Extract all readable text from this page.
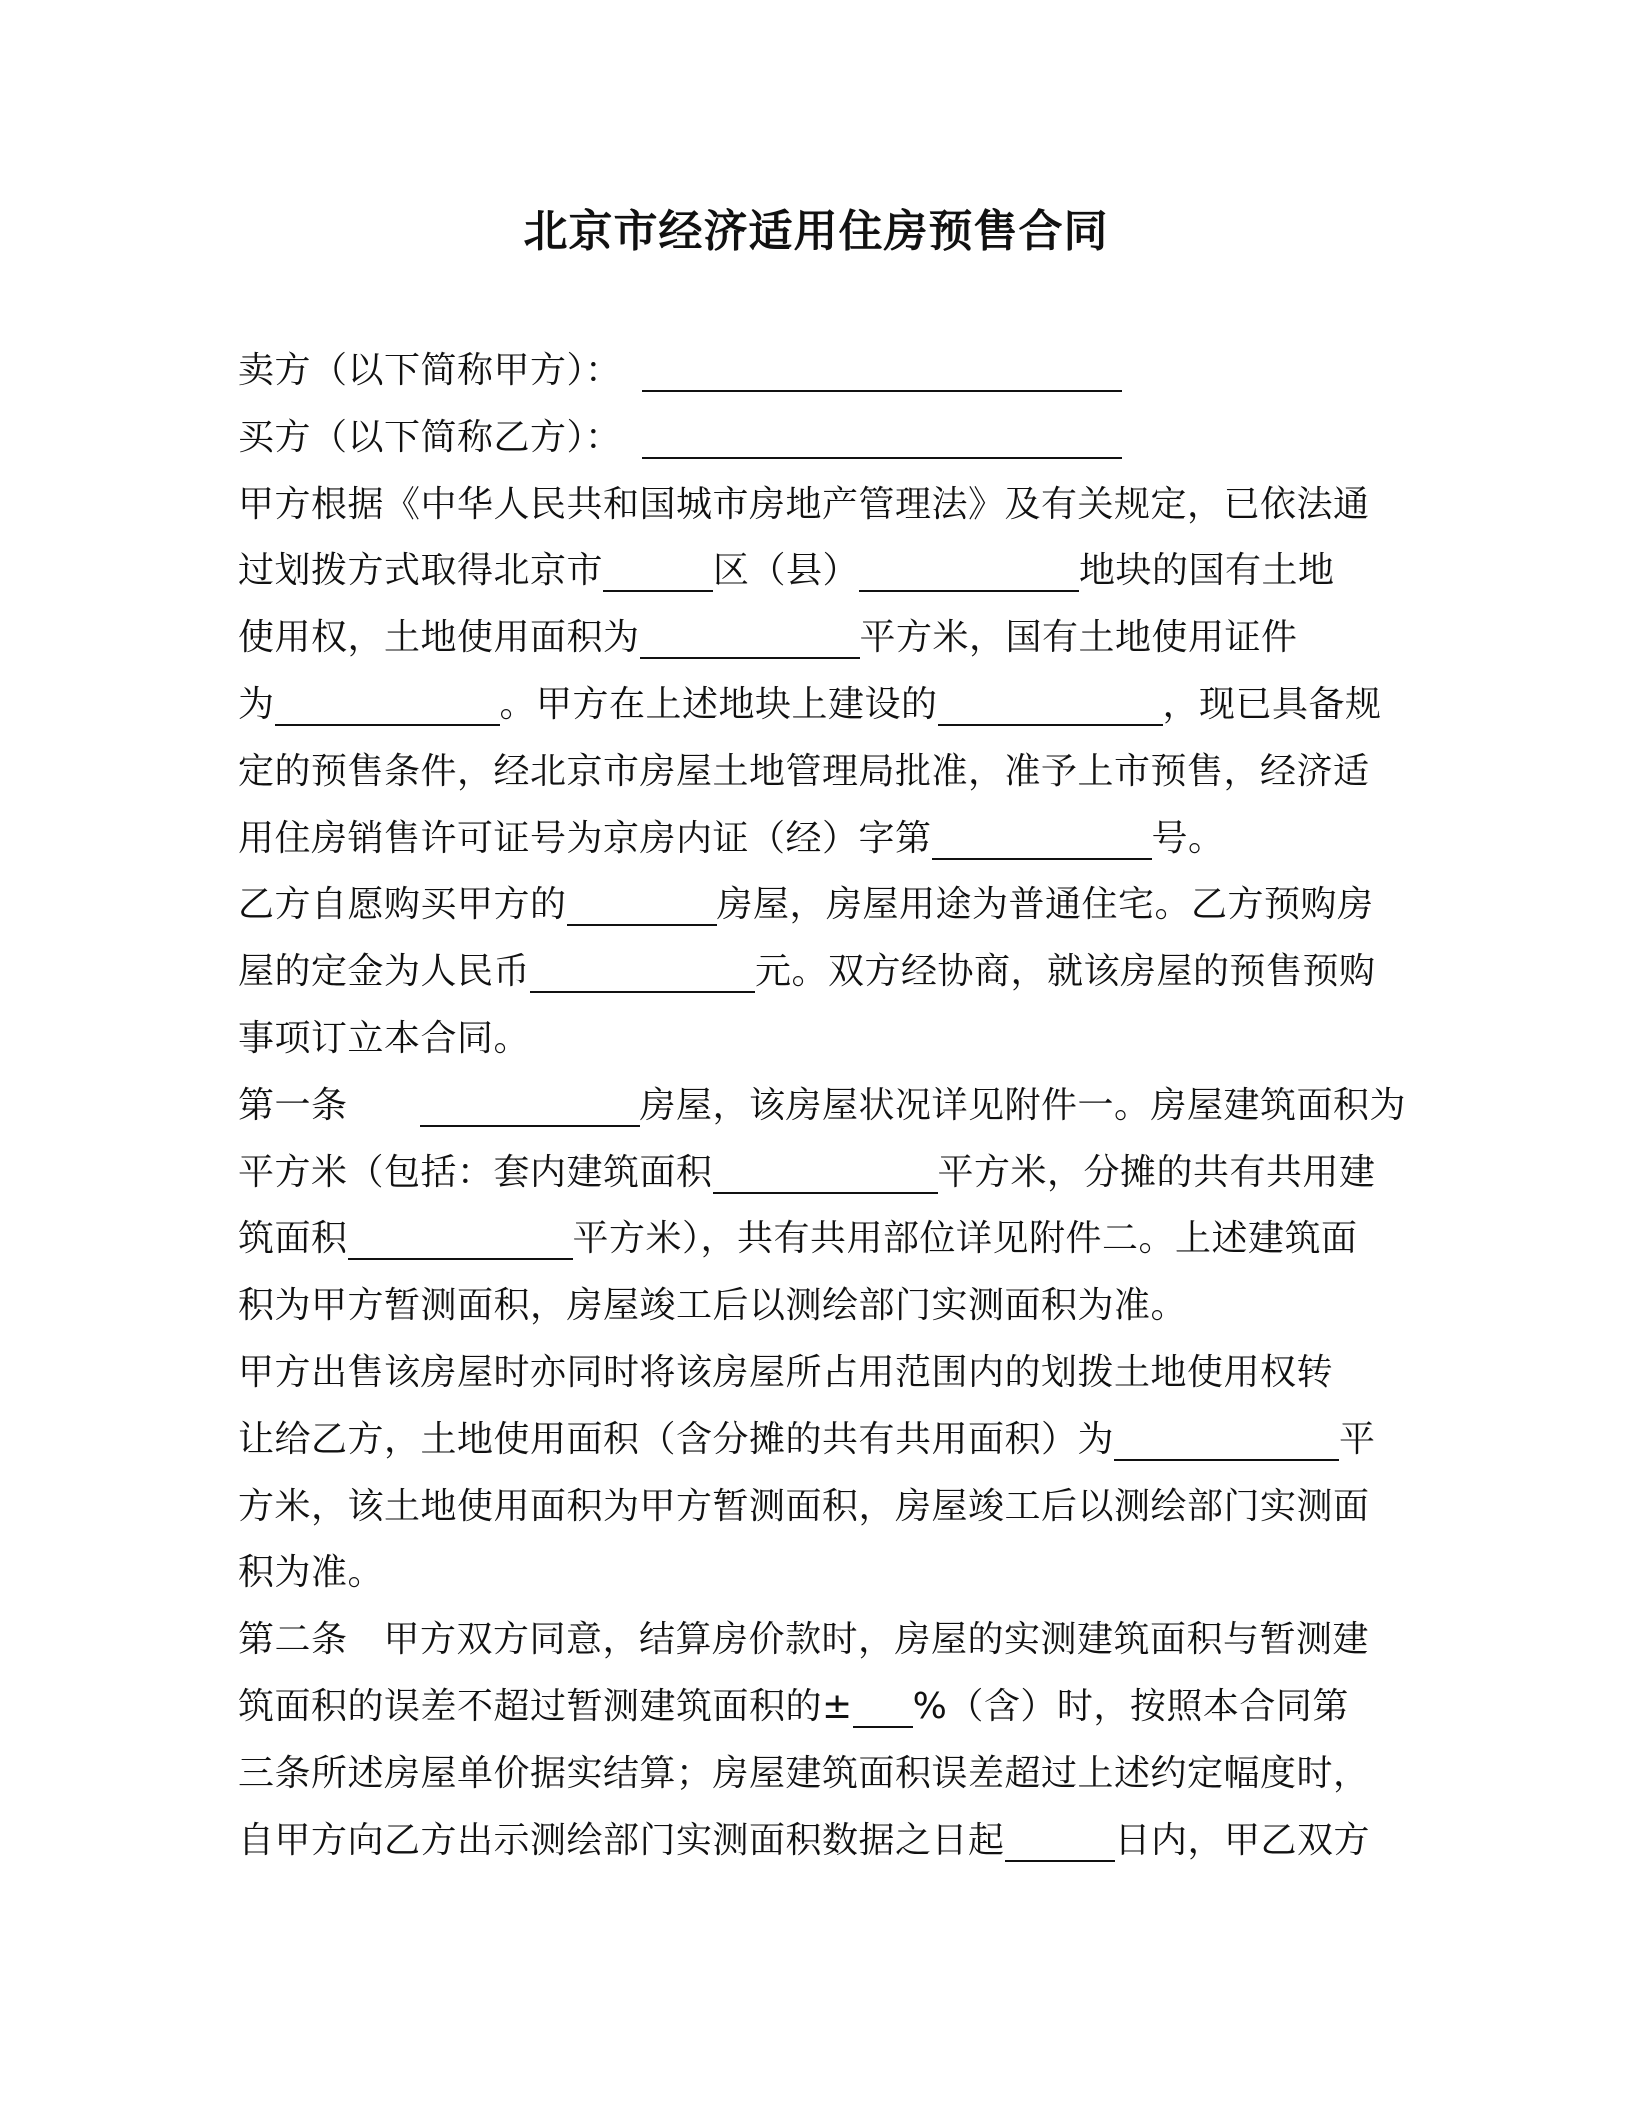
北京市经济适用住房预售合同
卖方（以下简称甲方）：
买方（以下简称乙方）：
甲方根据《中华人民共和国城市房地产管理法》及有关规定，已依法通
过划拨方式取得北京市	区（县）	地块的国有土地
使用权，土地使用面积为	平方米，国有土地使用证件
为	。甲方在上述地块上建设的	，现已具备规
定的预售条件，经北京市房屋土地管理局批准，准予上市预售，经济适
用住房销售许可证号为京房内证（经）字第	号。
乙方自愿购买甲方的	房屋，房屋用途为普通住宅。乙方预购房
屋的定金为人民币	元。双方经协商，就该房屋的预售预购
事项订立本合同。
第一条	房屋，该房屋状况详见附件一。房屋建筑面积为
平方米（包括：套内建筑面积	平方米，分摊的共有共用建
筑面积	平方米），共有共用部位详见附件二。上述建筑面
积为甲方暂测面积，房屋竣工后以测绘部门实测面积为准。
甲方出售该房屋时亦同时将该房屋所占用范围内的划拨土地使用权转
让给乙方，土地使用面积（含分摊的共有共用面积）为	平
方米，该土地使用面积为甲方暂测面积，房屋竣工后以测绘部门实测面
积为准。
第二条 甲方双方同意，结算房价款时，房屋的实测建筑面积与暂测建
筑面积的误差不超过暂测建筑面积的± %（含）时，按照本合同第
三条所述房屋单价据实结算；房屋建筑面积误差超过上述约定幅度时，
自甲方向乙方出示测绘部门实测面积数据之日起	日内，甲乙双方
